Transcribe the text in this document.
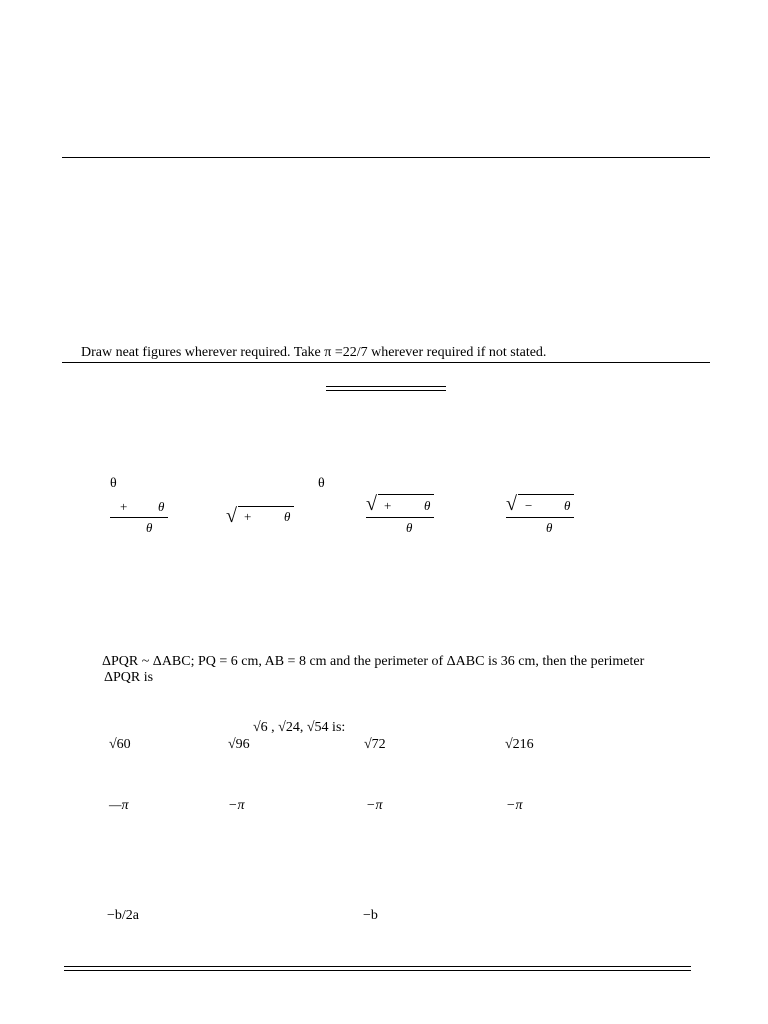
Draw neat figures wherever required. Take π =22/7 wherever required if not stated.
θ	θ
+ θ
θ
√ +	θ
√ +	θ
θ
√ − θ
θ
ΔPQR ~ ΔABC; PQ = 6 cm, AB = 8 cm and the perimeter of ΔABC is 36 cm, then the perimeter
ΔPQR is
√6 , √24, √54 is:
√60	√96	√72	√216
—π	−π	−π	−π
−b/2a	−b
